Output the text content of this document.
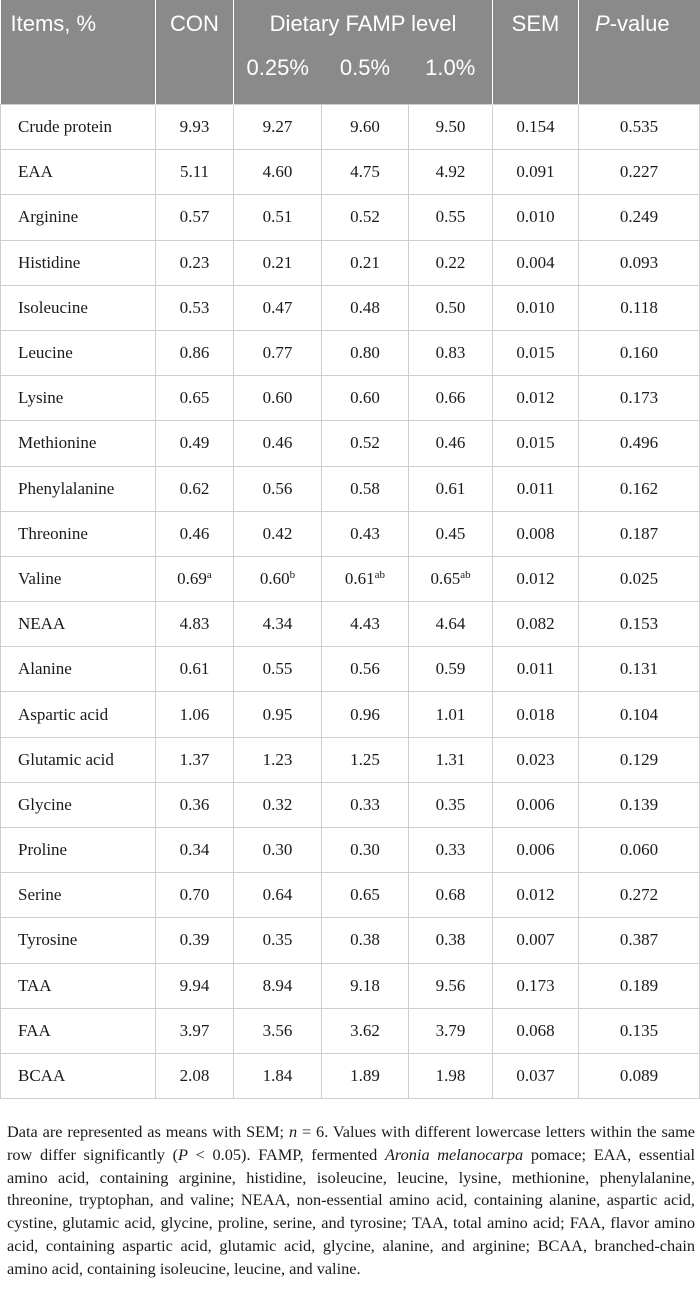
Items, %	CON	Dietary FAMP level			SEM	P-value
		0.25%	0.5%	1.0%		
Crude protein	9.93	9.27	9.60	9.50	0.154	0.535
EAA	5.11	4.60	4.75	4.92	0.091	0.227
Arginine	0.57	0.51	0.52	0.55	0.010	0.249
Histidine	0.23	0.21	0.21	0.22	0.004	0.093
Isoleucine	0.53	0.47	0.48	0.50	0.010	0.118
Leucine	0.86	0.77	0.80	0.83	0.015	0.160
Lysine	0.65	0.60	0.60	0.66	0.012	0.173
Methionine	0.49	0.46	0.52	0.46	0.015	0.496
Phenylalanine	0.62	0.56	0.58	0.61	0.011	0.162
Threonine	0.46	0.42	0.43	0.45	0.008	0.187
Valine	0.69$^a$	0.60$^b$	0.61$^{ab}$	0.65$^{ab}$	0.012	0.025
NEAA	4.83	4.34	4.43	4.64	0.082	0.153
Alanine	0.61	0.55	0.56	0.59	0.011	0.131
Aspartic acid	1.06	0.95	0.96	1.01	0.018	0.104
Glutamic acid	1.37	1.23	1.25	1.31	0.023	0.129
Glycine	0.36	0.32	0.33	0.35	0.006	0.139
Proline	0.34	0.30	0.30	0.33	0.006	0.060
Serine	0.70	0.64	0.65	0.68	0.012	0.272
Tyrosine	0.39	0.35	0.38	0.38	0.007	0.387
TAA	9.94	8.94	9.18	9.56	0.173	0.189
FAA	3.97	3.56	3.62	3.79	0.068	0.135
BCAA	2.08	1.84	1.89	1.98	0.037	0.089
Data are represented as means with SEM; n = 6. Values with different lowercase letters within the same row differ significantly (P < 0.05). FAMP, fermented Aronia melanocarpa pomace; EAA, essential amino acid, containing arginine, histidine, isoleucine, leucine, lysine, methionine, phenylalanine, threonine, tryptophan, and valine; NEAA, non-essential amino acid, containing alanine, aspartic acid, cystine, glutamic acid, glycine, proline, serine, and tyrosine; TAA, total amino acid; FAA, flavor amino acid, containing aspartic acid, glutamic acid, glycine, alanine, and arginine; BCAA, branched-chain amino acid, containing isoleucine, leucine, and valine.
